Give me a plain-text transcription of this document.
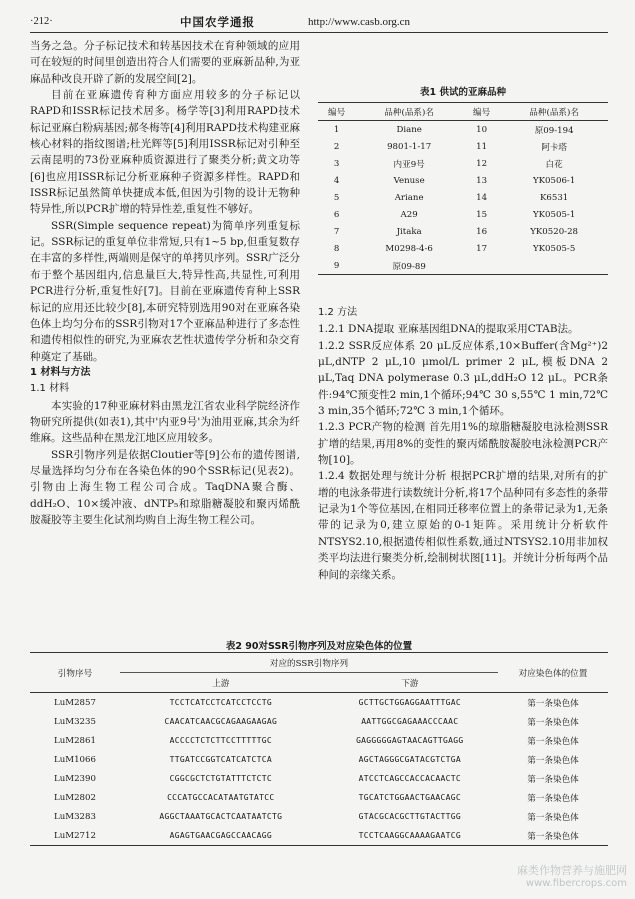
·212·	中国农学通报	http://www.casb.org.cn

当务之急。分子标记技术和转基因技术在育种领域的应用可在较短的时间里创造出符合人们需要的亚麻新品种,为亚麻品种改良开辟了新的发展空间[2]。

目前在亚麻遗传育种方面应用较多的分子标记以RAPD和ISSR标记技术居多。杨学等[3]利用RAPD技术标记亚麻白粉病基因;郝冬梅等[4]利用RAPD技术构建亚麻核心材料的指纹图谱;杜光辉等[5]利用ISSR标记对引种至云南昆明的73份亚麻种质资源进行了聚类分析;黄文功等[6]也应用ISSR标记分析亚麻种子资源多样性。RAPD和ISSR标记虽然简单快捷成本低,但因为引物的设计无物种特异性,所以PCR扩增的特异性差,重复性不够好。

SSR(Simple sequence repeat)为简单序列重复标记。SSR标记的重复单位非常短,只有1~5 bp,但重复数存在丰富的多样性,两端则是保守的单拷贝序列。SSR广泛分布于整个基因组内,信息量巨大,特异性高,共显性,可利用PCR进行分析,重复性好[7]。目前在亚麻遗传育种上SSR标记的应用还比较少[8],本研究特别选用90对在亚麻各染色体上均匀分布的SSR引物对17个亚麻品种进行了多态性和遗传相似性的研究,为亚麻农艺性状遗传学分析和杂交育种奠定了基础。

1 材料与方法

1.1 材料

本实验的17种亚麻材料由黑龙江省农业科学院经济作物研究所提供(如表1),其中'内亚9号'为油用亚麻,其余为纤维麻。这些品种在黑龙江地区应用较多。

SSR引物序列是依据Cloutier等[9]公布的遗传图谱,尽量选择均匀分布在各染色体的90个SSR标记(见表2)。引物由上海生物工程公司合成。TaqDNA聚合酶、ddH₂O、10×缓冲液、dNTP₅和琼脂糖凝胶和聚丙烯酰胺凝胶等主要生化试剂均购自上海生物工程公司。

表1 供试的亚麻品种
编号	品种(品系)名	编号	品种(品系)名
1	Diane	10	原09-194
2	9801-1-17	11	阿卡塔
3	内亚9号	12	白花
4	Venuse	13	YK0506-1
5	Ariane	14	K6531
6	A29	15	YK0505-1
7	Jitaka	16	YK0520-28
8	M0298-4-6	17	YK0505-5
9	原09-89		

1.2 方法

1.2.1 DNA提取 亚麻基因组DNA的提取采用CTAB法。

1.2.2 SSR反应体系 20 μL反应体系,10×Buffer(含Mg²⁺)2 μL,dNTP 2 μL,10 μmol/L primer 2 μL,模板DNA 2 μL,Taq DNA polymerase 0.3 μL,ddH₂O 12 μL。PCR条件:94℃预变性2 min,1个循环;94℃ 30 s,55℃ 1 min,72℃ 3 min,35个循环;72℃ 3 min,1个循环。

1.2.3 PCR产物的检测 首先用1%的琼脂糖凝胶电泳检测SSR扩增的结果,再用8%的变性的聚丙烯酰胺凝胶电泳检测PCR产物[10]。

1.2.4 数据处理与统计分析 根据PCR扩增的结果,对所有的扩增的电泳条带进行读数统计分析,将17个品种同有多态性的条带记录为1个等位基因,在相同迁移率位置上的条带记录为1,无条带的记录为0,建立原始的0-1矩阵。采用统计分析软件NTSYS2.10,根据遗传相似性系数,通过NTSYS2.10用非加权类平均法进行聚类分析,绘制树状图[11]。并统计分析每两个品种间的亲缘关系。

表2 90对SSR引物序列及对应染色体的位置
引物序号	对应的SSR引物序列		对应染色体的位置
	上游	下游	
LuM2857	TCCTCATCCTCATCCTCCTG	GCTTGCTGGAGGAATTTGAC	第一条染色体
LuM3235	CAACATCAACGCAGAAGAAGAG	AATTGGCGAGAAACCCAAC	第一条染色体
LuM2861	ACCCCTCTCTTCCTTTTTGC	GAGGGGGAGTAACAGTTGAGG	第一条染色体
LuM1066	TTGATCCGGTCATCATCTCA	AGCTAGGGCGATACGTCTGA	第一条染色体
LuM2390	CGGCGCTCTGTATTTCTCTC	ATCCTCAGCCACCACAACTC	第一条染色体
LuM2802	CCCATGCCACATAATGTATCC	TGCATCTGGAACTGAACAGC	第一条染色体
LuM3283	AGGCTAAATGCACTCAATAATCTG	GTACGCACGCTTGTACTTGG	第一条染色体
LuM2712	AGAGTGAACGAGCCAACAGG	TCCTCAAGGCAAAAGAATCG	第一条染色体
麻类作物营养与施肥网
www.fibercrops.com
